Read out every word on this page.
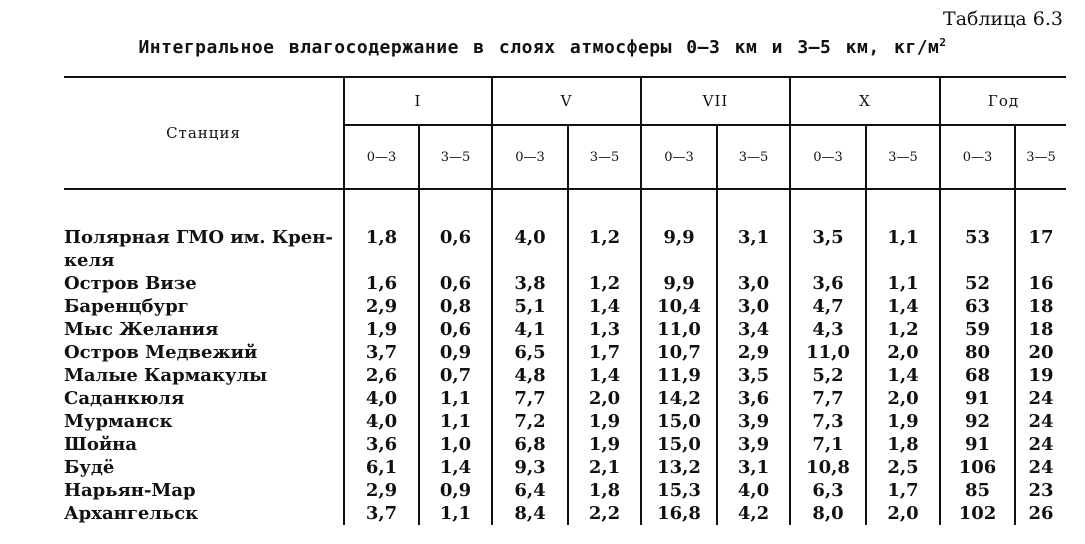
Таблица 6.3
Интегральное влагосодержание в слоях атмосферы 0—3 км и 3—5 км, $кг/м^2$
Станция	I		V		VII		X		Год	
	0—3	3—5	0—3	3—5	0—3	3—5	0—3	3—5	0—3	3—5

Полярная ГМО им. Крен-
келя	1,8	0,6	4,0	1,2	9,9	3,1	3,5	1,1	53	17

Остров Визе	1,6	0,6	3,8	1,2	9,9	3,0	3,6	1,1	52	16

Баренцбург	2,9	0,8	5,1	1,4	10,4	3,0	4,7	1,4	63	18

Мыс Желания	1,9	0,6	4,1	1,3	11,0	3,4	4,3	1,2	59	18

Остров Медвежий	3,7	0,9	6,5	1,7	10,7	2,9	11,0	2,0	80	20

Малые Кармакулы	2,6	0,7	4,8	1,4	11,9	3,5	5,2	1,4	68	19

Саданкюля	4,0	1,1	7,7	2,0	14,2	3,6	7,7	2,0	91	24

Мурманск	4,0	1,1	7,2	1,9	15,0	3,9	7,3	1,9	92	24

Шойна	3,6	1,0	6,8	1,9	15,0	3,9	7,1	1,8	91	24

Будё	6,1	1,4	9,3	2,1	13,2	3,1	10,8	2,5	106	24

Нарьян-Мар	2,9	0,9	6,4	1,8	15,3	4,0	6,3	1,7	85	23

Архангельск	3,7	1,1	8,4	2,2	16,8	4,2	8,0	2,0	102	26
